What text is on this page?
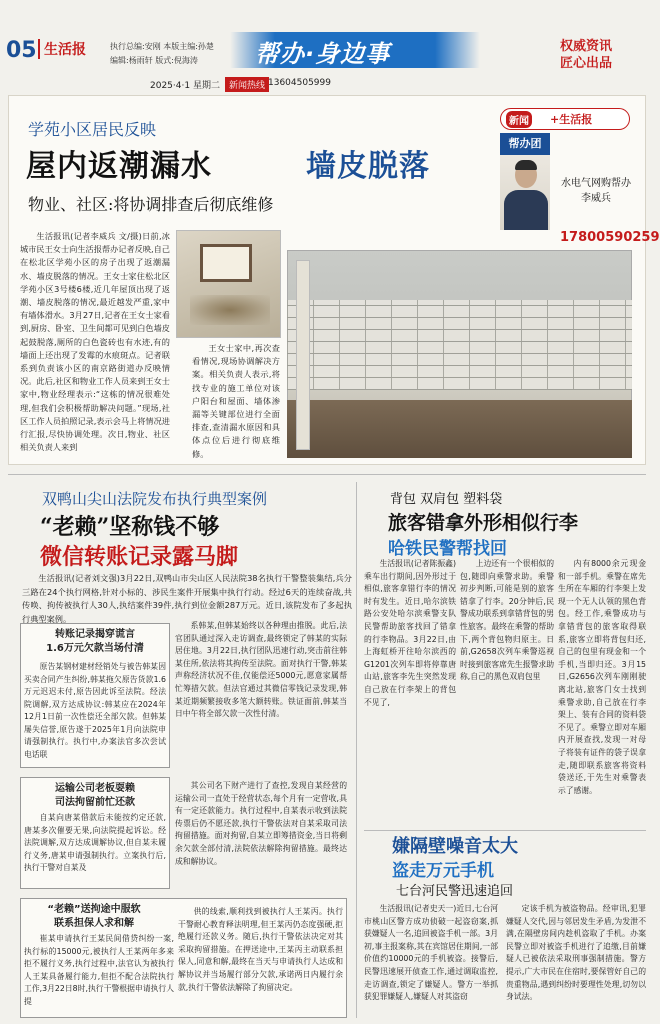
05 生活报	执行总编:安刚 本版主编:孙楚
编辑:杨雨轩 版式:倪海涛	帮办·身边事	权威资讯
匠心出品
2025·4·1 星期二	新闻热线 13604505999
学苑小区居民反映
屋内返潮漏水	墙皮脱落
物业、社区:将协调排查后彻底维修
新闻 +生活报
帮办团
水电气网购帮办
李威兵
17800590259
生活报讯(记者李威兵 文/摄)日前,冰城市民王女士向生活报帮办记者反映,自己在松北区学苑小区的房子出现了返潮漏水、墙皮脱落的情况。王女士家住松北区学苑小区3号楼6楼,近几年屋顶出现了返潮、墙皮脱落的情况,最近越发严重,家中有墙体滑水。3月27日,记者在王女士家看到,厨房、卧室、卫生间都可见到白色墙皮起鼓脱落,厕所的白色瓷砖也有水迹,有的墙面上还出现了发霉的水痕斑点。记者联系到负责该小区的南京路街道办反映情况。此后,社区和物业工作人员来到王女士家中,物业经理表示:“这栋的情况很难处理,但我们会积极帮助解决问题。”现场,社区工作人员拍照记录,表示会马上将情况进行汇报,尽快协调处理。次日,物业、社区相关负责人来到
王女士家中,再次查看情况,现场协调解决方案。相关负责人表示,将找专业的施工单位对该户阳台和屋面、墙体渗漏等关键部位进行全面排查,查清漏水原因和具体点位后进行彻底维修。
双鸭山尖山法院发布执行典型案例
“老赖”坚称钱不够
微信转账记录露马脚
生活报讯(记者刘文强)3月22日,双鸭山市尖山区人民法院38名执行干警整装集结,兵分三路在24个执行网格,针对小标的、涉民生案件开展集中执行行动。经过6天的连续奋战,共传唤、拘传被执行人30人,执结案件39件,执行到位金额287万元。近日,该院发布了多起执行典型案例。
转账记录揭穿谎言
1.6万元欠款当场付清
原告某钢材建材经销处与被告韩某因买卖合同产生纠纷,韩某拖欠原告货款1.6万元迟迟未付,原告因此诉至法院。经法院调解,双方达成协议:韩某应在2024年12月1日前一次性偿还全部欠款。但韩某屡失信誉,原告遂于2025年1月向法院申请强制执行。执行中,办案法官多次尝试电话联
系韩某,但韩某始终以各种理由推脱。此后,法官团队通过深入走访调查,最终锁定了韩某的实际居住地。3月22日,执行团队迅速行动,突击前往韩某住所,依法将其拘传至法院。面对执行干警,韩某声称经济状况不佳,仅能偿还5000元,愿意家属帮忙筹措欠款。但法官通过其微信零钱记录发现,韩某近期频繁接收多笔大额转账。铁证面前,韩某当日中午将全部欠款一次性付清。
运输公司老板耍赖
司法拘留前忙还款
自某向唐某借款后未能按约定还款,唐某多次催要无果,向法院提起诉讼。经法院调解,双方达成调解协议,但自某未履行义务,唐某申请强制执行。立案执行后,执行干警对自某及
其公司名下财产进行了查控,发现自某经营的运输公司一直处于经营状态,每个月有一定营收,具有一定还款能力。执行过程中,自某表示收到法院传票后仍不愿还款,执行干警依法对自某采取司法拘留措施。面对拘留,自某立即筹措资金,当日将剩余欠款全部付清,法院依法解除拘留措施。最终达成和解协议。
“老赖”送拘途中服软
联系担保人求和解
崔某申请执行王某民间借贷纠纷一案,执行标的15000元,被执行人王某两年多来拒不履行义务,执行过程中,法官认为被执行人王某具备履行能力,但拒不配合法院执行工作,3月22日8时,执行干警根据申请执行人提
供的线索,顺利找到被执行人王某丙。执行干警耐心教育释法明理,但王某丙仍态度强硬,拒绝履行还款义务。随后,执行干警依法决定对其采取拘留措施。在押送途中,王某丙主动联系担保人,同意和解,最终在当天与申请执行人达成和解协议并当场履行部分欠款,承诺两日内履行余款,执行干警依法解除了拘留决定。
背包 双肩包 塑料袋
旅客错拿外形相似行李
哈铁民警帮找回
生活报讯(记者陈振鑫)乘车出行期间,因外形过于相似,旅客拿错行李的情况时有发生。近日,哈尔滨铁路公安处哈尔滨乘警支队民警帮助旅客找回了错拿的行李物品。3月22日,由上海虹桥开往哈尔滨西的G1201次列车即将停靠唐山站,旅客李先生突然发现自己放在行李架上的背包不见了,
上边还有一个很相似的包,随即向乘警求助。乘警初步判断,可能是别的旅客错拿了行李。20分钟后,民警成功联系到拿错背包的男性旅客。最终在乘警的帮助下,两个背包物归原主。日前,G2658次列车乘警巡视时接到旅客席先生报警求助称,自己的黑色双肩包里
内有8000余元现金和一部手机。乘警在席先生所在车厢的行李架上发现一个无人认领的黑色背包。经工作,乘警成功与拿错背包的旅客取得联系,旅客立即将背包归还,自己的包里有现金和一个手机,当即归还。3月15日,G2656次列车刚刚驶离北站,旅客门女士找到乘警求助,自己放在行李架上、装有合同的资料袋不见了。乘警立即对车厢内开展查找,发现一对母子将装有证件的袋子误拿走,随即联系旅客将资料袋送还,于先生对乘警表示了感谢。
嫌隔壁噪音太大
盗走万元手机
七台河民警迅速追回
生活报讯(记者史天一)近日,七台河市桃山区警方成功侦破一起盗窃案,抓获嫌疑人一名,追回被盗手机一部。3月初,事主报案称,其在宾馆居住期间,一部价值约10000元的手机被盗。接警后,民警迅速展开侦查工作,通过调取监控,走访调查,锁定了嫌疑人。警方一举抓获犯罪嫌疑人,嫌疑人对其盗窃
定该手机为被盗物品。经审讯,犯罪嫌疑人交代,因与邻居发生矛盾,为发泄不满,在隔壁房间内趁机盗取了手机。办案民警立即对被盗手机进行了追缴,目前嫌疑人已被依法采取刑事强制措施。警方提示,广大市民在住宿时,要保管好自己的贵重物品,遇到纠纷时要理性处理,切勿以身试法。
